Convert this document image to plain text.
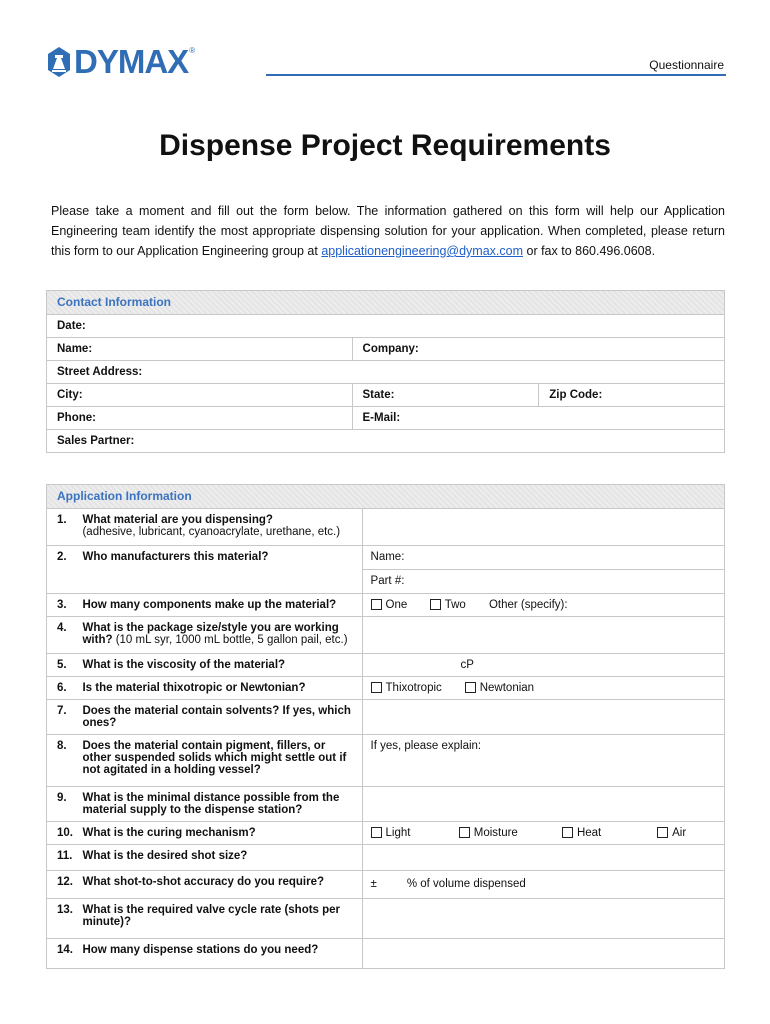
DYMAX ®
Questionnaire
Dispense Project Requirements

Please take a moment and fill out the form below. The information gathered on this form will help our Application Engineering team identify the most appropriate dispensing solution for your application. When completed, please return this form to our Application Engineering group at applicationengineering@dymax.com or fax to 860.496.0608.

Contact Information		
Date:		
Name:	Company:	
Street Address:		
City:	State:	Zip Code:
Phone:	E-Mail:	
Sales Partner:		
Application Information		
1.	What material are you dispensing?
(adhesive, lubricant, cyanoacrylate, urethane, etc.)	
2.	Who manufacturers this material?	Name:
		Part #:
3.	How many components make up the material?	One Two Other (specify):
4.	What is the package size/style you are working with? (10 mL syr, 1000 mL bottle, 5 gallon pail, etc.)	
5.	What is the viscosity of the material?	cP
6.	Is the material thixotropic or Newtonian?	Thixotropic Newtonian
7.	Does the material contain solvents? If yes, which ones?	
8.	Does the material contain pigment, fillers, or other suspended solids which might settle out if not agitated in a holding vessel?	If yes, please explain:
9.	What is the minimal distance possible from the material supply to the dispense station?	
10.	What is the curing mechanism?	Light Moisture Heat Air
11.	What is the desired shot size?	
12.	What shot-to-shot accuracy do you require?	± % of volume dispensed
13.	What is the required valve cycle rate (shots per minute)?	
14.	How many dispense stations do you need?	
